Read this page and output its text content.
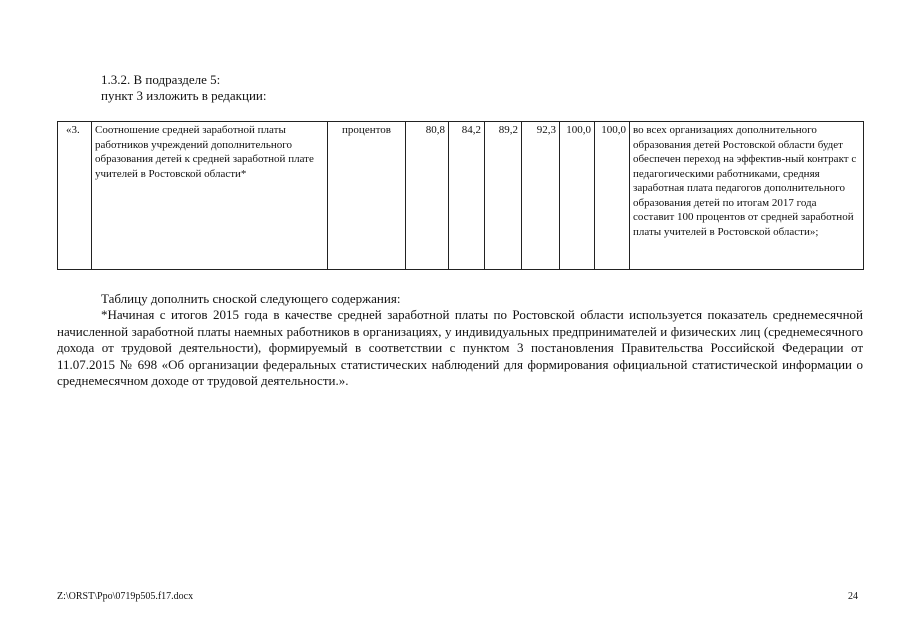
1.3.2. В подразделе 5:
пункт 3 изложить в редакции:
«3.	Соотношение средней заработной платы работников учреждений дополнительного образования детей к средней заработной плате учителей в Ростовской области*	процентов	80,8	84,2	89,2	92,3	100,0	100,0	во всех организациях дополнительного образования детей Ростовской области будет обеспечен переход на эффектив-ный контракт с педагогическими работниками, средняя заработная плата педагогов дополнительного образования детей по итогам 2017 года составит 100 процентов от средней заработной платы учителей в Ростовской области»;
Таблицу дополнить сноской следующего содержания:
*Начиная с итогов 2015 года в качестве средней заработной платы по Ростовской области используется показатель среднемесячной начисленной заработной платы наемных работников в организациях, у индивидуальных предпринимателей и физических лиц (среднемесячного дохода от трудовой деятельности), формируемый в соответствии с пунктом 3 постановления Правительства Российской Федерации от 11.07.2015 № 698 «Об организации федеральных статистических наблюдений для формирования официальной статистической информации о среднемесячном доходе от трудовой деятельности.».
Z:\ORST\Ppo\0719p505.f17.docx	24
